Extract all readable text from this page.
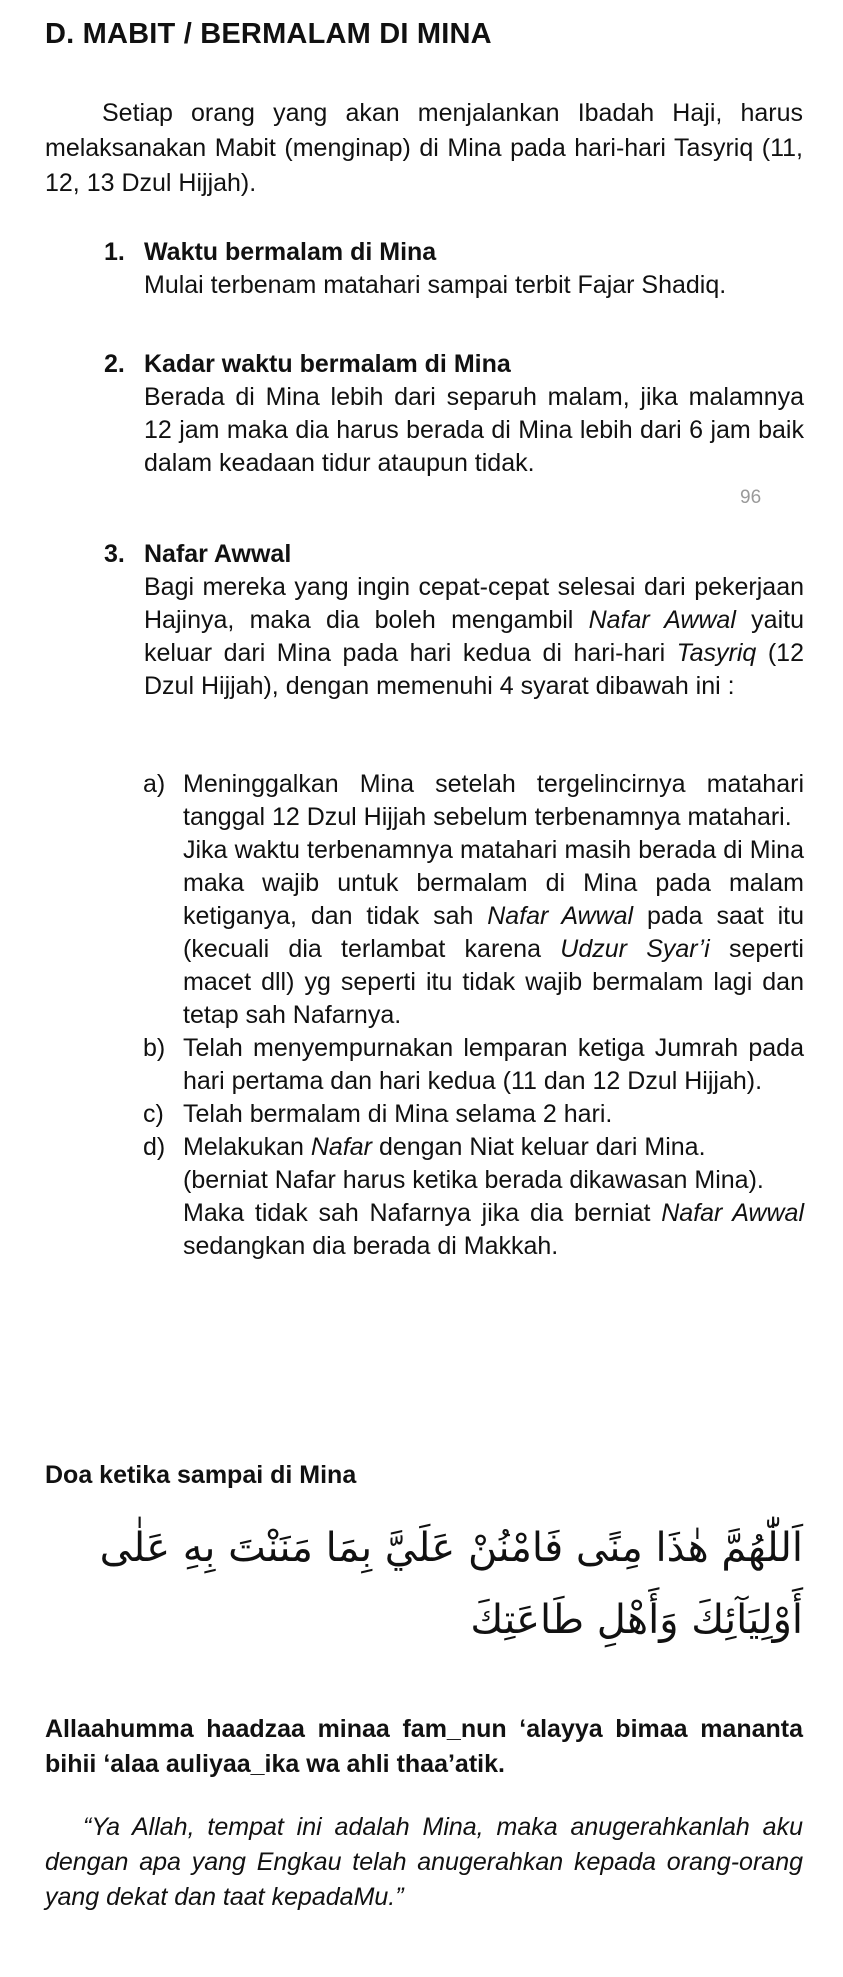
D. MABIT / BERMALAM DI MINA

Setiap orang yang akan menjalankan Ibadah Haji, harus melaksanakan Mabit (menginap) di Mina pada hari-hari Tasyriq (11, 12, 13 Dzul Hijjah).

1. Waktu bermalam di Mina
Mulai terbenam matahari sampai terbit Fajar Shadiq.
2. Kadar waktu bermalam di Mina
Berada di Mina lebih dari separuh malam, jika malamnya 12 jam maka dia harus berada di Mina lebih dari 6 jam baik dalam keadaan tidur ataupun tidak.
96
3. Nafar Awwal
Bagi mereka yang ingin cepat-cepat selesai dari pekerjaan Hajinya, maka dia boleh mengambil Nafar Awwal yaitu keluar dari Mina pada hari kedua di hari-hari Tasyriq (12 Dzul Hijjah), dengan memenuhi 4 syarat dibawah ini :
a) Meninggalkan Mina setelah tergelincirnya matahari tanggal 12 Dzul Hijjah sebelum terbenamnya matahari.

Jika waktu terbenamnya matahari masih berada di Mina maka wajib untuk bermalam di Mina pada malam ketiganya, dan tidak sah Nafar Awwal pada saat itu (kecuali dia terlambat karena Udzur Syar’i seperti macet dll) yg seperti itu tidak wajib bermalam lagi dan tetap sah Nafarnya.

b) Telah menyempurnakan lemparan ketiga Jumrah pada hari pertama dan hari kedua (11 dan 12 Dzul Hijjah).

c) Telah bermalam di Mina selama 2 hari.

d) Melakukan Nafar dengan Niat keluar dari Mina.

(berniat Nafar harus ketika berada dikawasan Mina).

Maka tidak sah Nafarnya jika dia berniat Nafar Awwal sedangkan dia berada di Makkah.

Doa ketika sampai di Mina
اَللّٰهُمَّ هٰذَا مِنًى فَامْنُنْ عَلَيَّ بِمَا مَنَنْتَ بِهِ عَلٰى
أَوْلِيَآئِكَ وَأَهْلِ طَاعَتِكَ

Allaahumma haadzaa minaa fam_nun ‘alayya bimaa mananta bihii ‘alaa auliyaa_ika wa ahli thaa’atik.

“Ya Allah, tempat ini adalah Mina, maka anugerahkanlah aku dengan apa yang Engkau telah anugerahkan kepada orang-orang yang dekat dan taat kepadaMu.”
